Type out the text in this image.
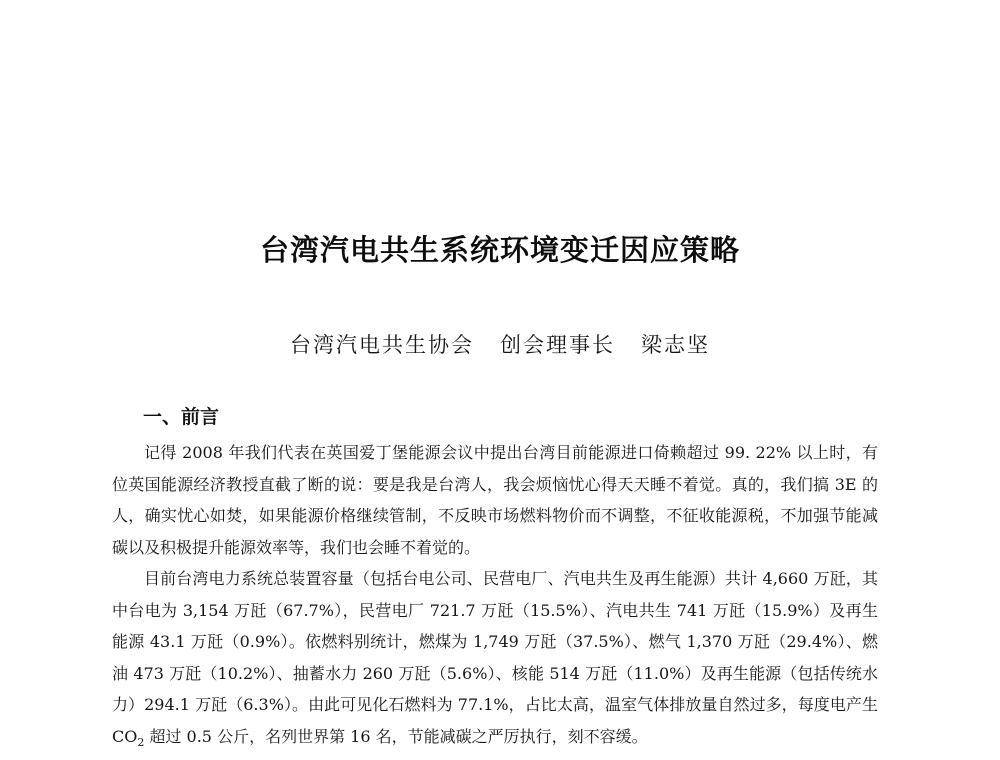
台湾汽电共生系统环境变迁因应策略
台湾汽电共生协会 创会理事长 梁志坚
一、前言

记得 2008 年我们代表在英国爱丁堡能源会议中提出台湾目前能源进口倚赖超过 99. 22% 以上时，有位英国能源经济教授直截了断的说：要是我是台湾人，我会烦恼忧心得天天睡不着觉。真的，我们搞 3E 的人，确实忧心如焚，如果能源价格继续管制，不反映市场燃料物价而不调整，不征收能源税，不加强节能减碳以及积极提升能源效率等，我们也会睡不着觉的。

目前台湾电力系统总装置容量（包括台电公司、民营电厂、汽电共生及再生能源）共计 4,660 万瓩，其中台电为 3,154 万瓩（67.7%），民营电厂 721.7 万瓩（15.5%）、汽电共生 741 万瓩（15.9%）及再生能源 43.1 万瓩（0.9%）。依燃料别统计，燃煤为 1,749 万瓩（37.5%）、燃气 1,370 万瓩（29.4%）、燃油 473 万瓩（10.2%）、抽蓄水力 260 万瓩（5.6%）、核能 514 万瓩（11.0%）及再生能源（包括传统水力）294.1 万瓩（6.3%）。由此可见化石燃料为 77.1%，占比太高，温室气体排放量自然过多，每度电产生 $CO_2$ 超过 0.5 公斤，名列世界第 16 名，节能减碳之严厉执行，刻不容缓。
